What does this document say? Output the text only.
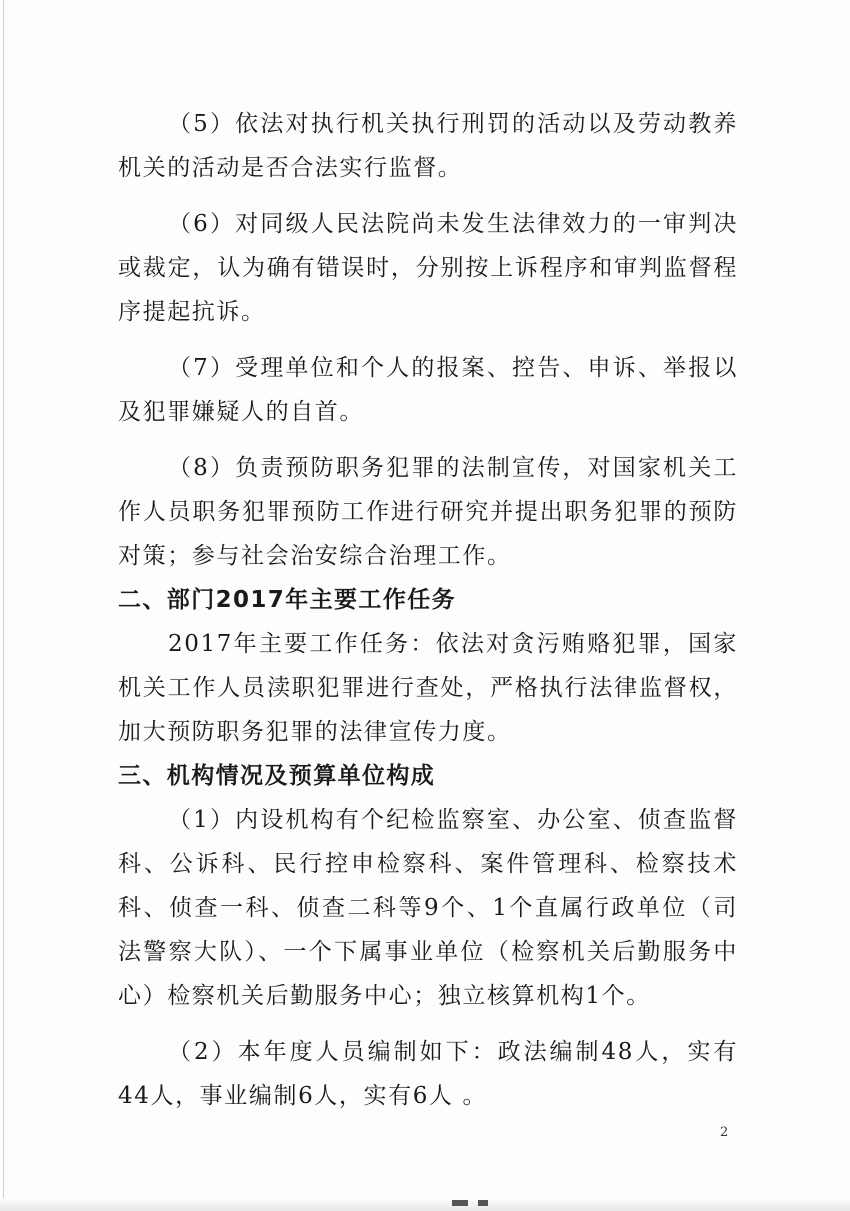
（5）依法对执行机关执行刑罚的活动以及劳动教养机关的活动是否合法实行监督。

（6）对同级人民法院尚未发生法律效力的一审判决或裁定，认为确有错误时，分别按上诉程序和审判监督程序提起抗诉。

（7）受理单位和个人的报案、控告、申诉、举报以及犯罪嫌疑人的自首。

（8）负责预防职务犯罪的法制宣传，对国家机关工作人员职务犯罪预防工作进行研究并提出职务犯罪的预防对策；参与社会治安综合治理工作。

二、部门2017年主要工作任务

2017年主要工作任务：依法对贪污贿赂犯罪，国家机关工作人员渎职犯罪进行查处，严格执行法律监督权，加大预防职务犯罪的法律宣传力度。

三、机构情况及预算单位构成

（1）内设机构有个纪检监察室、办公室、侦查监督科、公诉科、民行控申检察科、案件管理科、检察技术科、侦查一科、侦查二科等9个、1个直属行政单位（司法警察大队）、一个下属事业单位（检察机关后勤服务中心）检察机关后勤服务中心；独立核算机构1个。

（2）本年度人员编制如下：政法编制48人，实有44人，事业编制6人，实有6人 。

2
